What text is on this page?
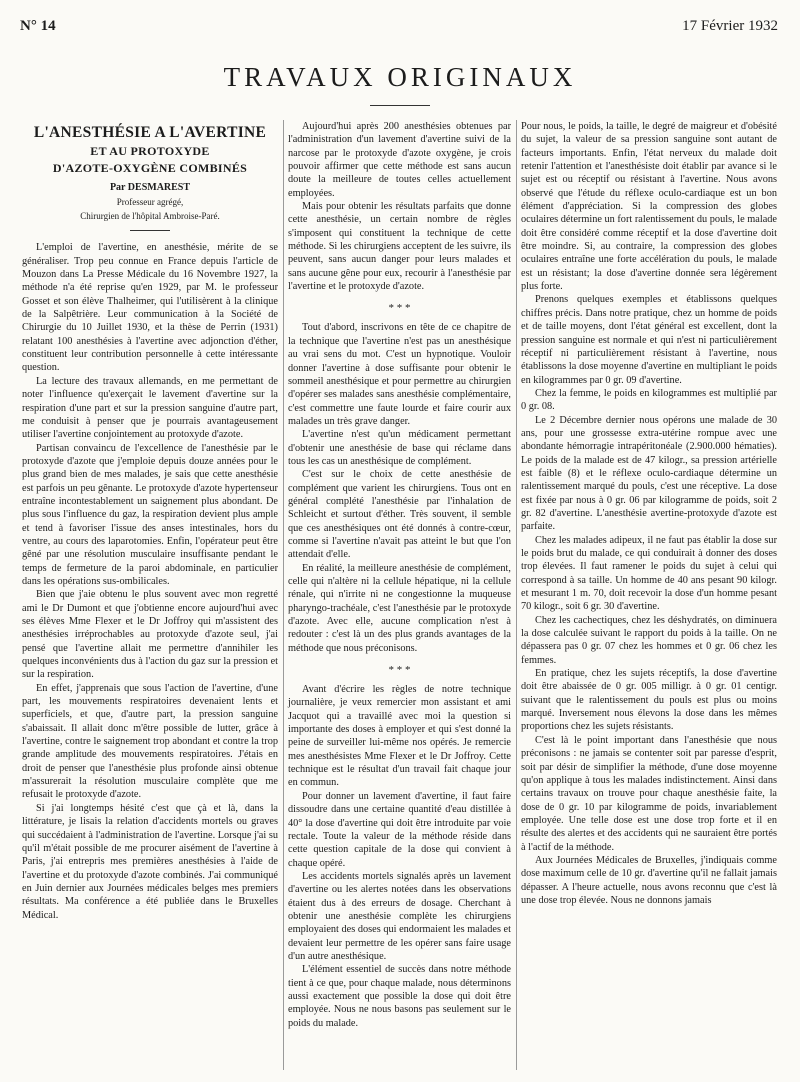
N° 14	17 Février 1932
TRAVAUX ORIGINAUX
L'ANESTHÉSIE A L'AVERTINE
ET AU PROTOXYDE
D'AZOTE-OXYGÈNE COMBINÉS
Par DESMAREST
Professeur agrégé,
Chirurgien de l'hôpital Ambroise-Paré.

L'emploi de l'avertine, en anesthésie, mérite de se généraliser. Trop peu connue en France depuis l'article de Mouzon dans La Presse Médicale du 16 Novembre 1927, la méthode n'a été reprise qu'en 1929, par M. le professeur Gosset et son élève Thalheimer, qui l'utilisèrent à la clinique de la Salpêtrière. Leur communication à la Société de Chirurgie du 10 Juillet 1930, et la thèse de Perrin (1931) relatant 100 anesthésies à l'avertine avec adjonction d'éther, constituent leur contribution personnelle à cette intéressante question.

La lecture des travaux allemands, en me permettant de noter l'influence qu'exerçait le lavement d'avertine sur la respiration d'une part et sur la pression sanguine d'autre part, me conduisit à penser que je pourrais avantageusement utiliser l'avertine conjointement au protoxyde d'azote.

Partisan convaincu de l'excellence de l'anesthésie par le protoxyde d'azote que j'emploie depuis douze années pour le plus grand bien de mes malades, je sais que cette anesthésie est parfois un peu gênante. Le protoxyde d'azote hypertenseur entraîne incontestablement un saignement plus abondant. De plus sous l'influence du gaz, la respiration devient plus ample et tend à favoriser l'issue des anses intestinales, hors du ventre, au cours des laparotomies. Enfin, l'opérateur peut être gêné par une résolution musculaire insuffisante pendant le temps de fermeture de la paroi abdominale, en particulier dans les opérations sus-ombilicales.

Bien que j'aie obtenu le plus souvent avec mon regretté ami le Dr Dumont et que j'obtienne encore aujourd'hui avec ses élèves Mme Flexer et le Dr Joffroy qui m'assistent des anesthésies irréprochables au protoxyde d'azote seul, j'ai pensé que l'avertine allait me permettre d'annihiler les quelques inconvénients dus à l'action du gaz sur la pression et sur la respiration.

En effet, j'apprenais que sous l'action de l'avertine, d'une part, les mouvements respiratoires devenaient lents et superficiels, et que, d'autre part, la pression sanguine s'abaissait. Il allait donc m'être possible de lutter, grâce à l'avertine, contre le saignement trop abondant et contre la trop grande amplitude des mouvements respiratoires. J'étais en droit de penser que l'anesthésie plus profonde ainsi obtenue m'assurerait la résolution musculaire complète que me refusait le protoxyde d'azote.

Si j'ai longtemps hésité c'est que çà et là, dans la littérature, je lisais la relation d'accidents mortels ou graves qui succédaient à l'administration de l'avertine. Lorsque j'ai su qu'il m'était possible de me procurer aisément de l'avertine à Paris, j'ai entrepris mes premières anesthésies à l'aide de l'avertine et du protoxyde d'azote combinés. J'ai communiqué en Juin dernier aux Journées médicales belges mes premiers résultats. Ma conférence a été publiée dans le Bruxelles Médical.

Aujourd'hui après 200 anesthésies obtenues par l'administration d'un lavement d'avertine suivi de la narcose par le protoxyde d'azote oxygène, je crois pouvoir affirmer que cette méthode est sans aucun doute la meilleure de toutes celles actuellement employées.

Mais pour obtenir les résultats parfaits que donne cette anesthésie, un certain nombre de règles s'imposent qui constituent la technique de cette méthode. Si les chirurgiens acceptent de les suivre, ils peuvent, sans aucun danger pour leurs malades et sans aucune gêne pour eux, recourir à l'anesthésie par l'avertine et le protoxyde d'azote.

* * *

Tout d'abord, inscrivons en tête de ce chapitre de la technique que l'avertine n'est pas un anesthésique au vrai sens du mot. C'est un hypnotique. Vouloir donner l'avertine à dose suffisante pour obtenir le sommeil anesthésique et pour permettre au chirurgien d'opérer ses malades sans anesthésie complémentaire, c'est commettre une faute lourde et faire courir aux malades un très grave danger.

L'avertine n'est qu'un médicament permettant d'obtenir une anesthésie de base qui réclame dans tous les cas un anesthésique de complément.

C'est sur le choix de cette anesthésie de complément que varient les chirurgiens. Tous ont en général complété l'anesthésie par l'inhalation de Schleicht et surtout d'éther. Très souvent, il semble que ces anesthésiques ont été donnés à contre-cœur, comme si l'avertine n'avait pas atteint le but que l'on attendait d'elle.

En réalité, la meilleure anesthésie de complément, celle qui n'altère ni la cellule hépatique, ni la cellule rénale, qui n'irrite ni ne congestionne la muqueuse pharyngo-trachéale, c'est l'anesthésie par le protoxyde d'azote. Avec elle, aucune complication n'est à redouter : c'est là un des plus grands avantages de la méthode que nous préconisons.

* * *

Avant d'écrire les règles de notre technique journalière, je veux remercier mon assistant et ami Jacquot qui a travaillé avec moi la question si importante des doses à employer et qui s'est donné la peine de surveiller lui-même nos opérés. Je remercie mes anesthésistes Mme Flexer et le Dr Joffroy. Cette technique est le résultat d'un travail fait chaque jour en commun.

Pour donner un lavement d'avertine, il faut faire dissoudre dans une certaine quantité d'eau distillée à 40° la dose d'avertine qui doit être introduite par voie rectale. Toute la valeur de la méthode réside dans cette question capitale de la dose qui convient à chaque opéré.

Les accidents mortels signalés après un lavement d'avertine ou les alertes notées dans les observations étaient dus à des erreurs de dosage. Cherchant à obtenir une anesthésie complète les chirurgiens employaient des doses qui endormaient les malades et devaient leur permettre de les opérer sans faire usage d'un autre anesthésique.

L'élément essentiel de succès dans notre méthode tient à ce que, pour chaque malade, nous déterminons aussi exactement que possible la dose qui doit être employée. Nous ne nous basons pas seulement sur le poids du malade.

Pour nous, le poids, la taille, le degré de maigreur et d'obésité du sujet, la valeur de sa pression sanguine sont autant de facteurs importants. Enfin, l'état nerveux du malade doit retenir l'attention et l'anesthésiste doit établir par avance si le sujet est ou réceptif ou résistant à l'avertine. Nous avons observé que l'étude du réflexe oculo-cardiaque est un bon élément d'appréciation. Si la compression des globes oculaires détermine un fort ralentissement du pouls, le malade doit être considéré comme réceptif et la dose d'avertine doit être moindre. Si, au contraire, la compression des globes oculaires entraîne une forte accélération du pouls, le malade est un résistant; la dose d'avertine donnée sera légèrement plus forte.

Prenons quelques exemples et établissons quelques chiffres précis. Dans notre pratique, chez un homme de poids et de taille moyens, dont l'état général est excellent, dont la pression sanguine est normale et qui n'est ni particulièrement réceptif ni particulièrement résistant à l'avertine, nous établissons la dose moyenne d'avertine en multipliant le poids en kilogrammes par 0 gr. 09 d'avertine.

Chez la femme, le poids en kilogrammes est multiplié par 0 gr. 08.

Le 2 Décembre dernier nous opérons une malade de 30 ans, pour une grossesse extra-utérine rompue avec une abondante hémorragie intrapéritonéale (2.900.000 hématies). Le poids de la malade est de 47 kilogr., sa pression artérielle est faible (8) et le réflexe oculo-cardiaque détermine un ralentissement marqué du pouls, c'est une réceptive. La dose est fixée par nous à 0 gr. 06 par kilogramme de poids, soit 2 gr. 82 d'avertine. L'anesthésie avertine-protoxyde d'azote est parfaite.

Chez les malades adipeux, il ne faut pas établir la dose sur le poids brut du malade, ce qui conduirait à donner des doses trop élevées. Il faut ramener le poids du sujet à celui qui correspond à sa taille. Un homme de 40 ans pesant 90 kilogr. et mesurant 1 m. 70, doit recevoir la dose d'un homme pesant 70 kilogr., soit 6 gr. 30 d'avertine.

Chez les cachectiques, chez les déshydratés, on diminuera la dose calculée suivant le rapport du poids à la taille. On ne dépassera pas 0 gr. 07 chez les hommes et 0 gr. 06 chez les femmes.

En pratique, chez les sujets réceptifs, la dose d'avertine doit être abaissée de 0 gr. 005 milligr. à 0 gr. 01 centigr. suivant que le ralentissement du pouls est plus ou moins marqué. Inversement nous élevons la dose dans les mêmes proportions chez les sujets résistants.

C'est là le point important dans l'anesthésie que nous préconisons : ne jamais se contenter soit par paresse d'esprit, soit par désir de simplifier la méthode, d'une dose moyenne qu'on applique à tous les malades indistinctement. Ainsi dans certains travaux on trouve pour chaque anesthésie faite, la dose de 0 gr. 10 par kilogramme de poids, invariablement employée. Une telle dose est une dose trop forte et il en résulte des alertes et des accidents qui ne sauraient être portés à l'actif de la méthode.

Aux Journées Médicales de Bruxelles, j'indiquais comme dose maximum celle de 10 gr. d'avertine qu'il ne fallait jamais dépasser. A l'heure actuelle, nous avons reconnu que c'est là une dose trop élevée. Nous ne donnons jamais
